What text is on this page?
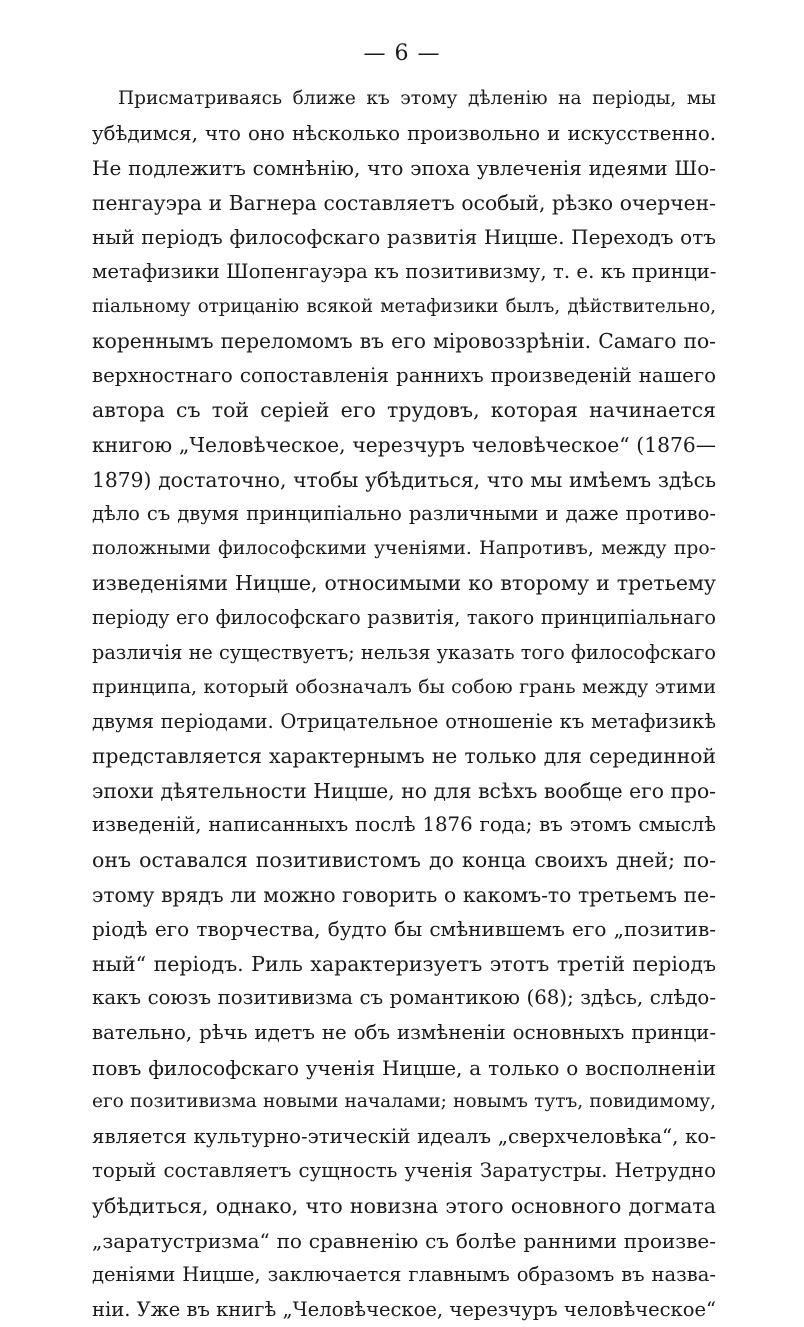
— 6 —
Присматриваясь ближе къ этому дѣленію на періоды, мы
убѣдимся, что оно нѣсколько произвольно и искусственно.
Не подлежитъ сомнѣнію, что эпоха увлеченія идеями Шо-
пенгауэра и Вагнера составляетъ особый, рѣзко очерчен-
ный періодъ философскаго развитія Ницше. Переходъ отъ
метафизики Шопенгауэра къ позитивизму, т. е. къ принци-
піальному отрицанію всякой метафизики былъ, дѣйствительно,
кореннымъ переломомъ въ его міровоззрѣніи. Самаго по-
верхностнаго сопоставленія раннихъ произведеній нашего
автора съ той серіей его трудовъ, которая начинается
книгою „Человѣческое, черезчуръ человѣческое“ (1876—
1879) достаточно, чтобы убѣдиться, что мы имѣемъ здѣсь
дѣло съ двумя принципіально различными и даже противо-
положными философскими ученіями. Напротивъ, между про-
изведеніями Ницше, относимыми ко второму и третьему
періоду его философскаго развитія, такого принципіальнаго
различія не существуетъ; нельзя указать того философскаго
принципа, который обозначалъ бы собою грань между этими
двумя періодами. Отрицательное отношеніе къ метафизикѣ
представляется характернымъ не только для серединной
эпохи дѣятельности Ницше, но для всѣхъ вообще его про-
изведеній, написанныхъ послѣ 1876 года; въ этомъ смыслѣ
онъ оставался позитивистомъ до конца своихъ дней; по-
этому врядъ ли можно говорить о какомъ-то третьемъ пе-
ріодѣ его творчества, будто бы смѣнившемъ его „позитив-
ный“ періодъ. Риль характеризуетъ этотъ третій періодъ
какъ союзъ позитивизма съ романтикою (68); здѣсь, слѣдо-
вательно, рѣчь идетъ не объ измѣненіи основныхъ принци-
повъ философскаго ученія Ницше, а только о восполненіи
его позитивизма новыми началами; новымъ тутъ, повидимому,
является культурно-этическій идеалъ „сверхчеловѣка“, ко-
торый составляетъ сущность ученія Заратустры. Нетрудно
убѣдиться, однако, что новизна этого основного догмата
„заратустризма“ по сравненію съ болѣе ранними произве-
деніями Ницше, заключается главнымъ образомъ въ назва-
ніи. Уже въ книгѣ „Человѣческое, черезчуръ человѣческое“
